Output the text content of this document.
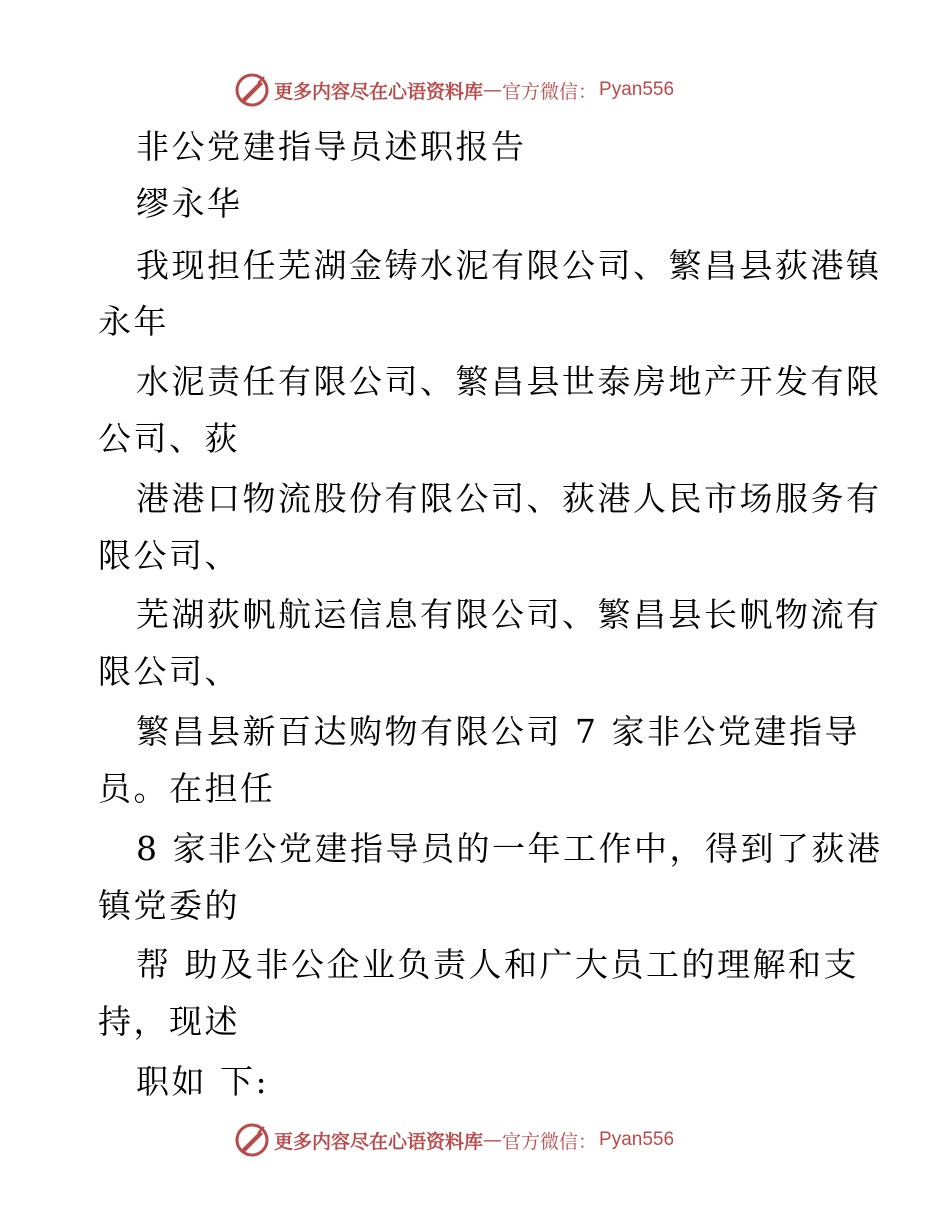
更多内容尽在心语资料库 — 官方微信： Pyan556
非公党建指导员述职报告
缪永华
我现担任芜湖金铸水泥有限公司、繁昌县荻港镇
永年
水泥责任有限公司、繁昌县世泰房地产开发有限
公司、荻
港港口物流股份有限公司、荻港人民市场服务有
限公司、
芜湖荻帆航运信息有限公司、繁昌县长帆物流有
限公司、
繁昌县新百达购物有限公司 7 家非公党建指导
员。在担任
8 家非公党建指导员的一年工作中，得到了荻港
镇党委的
帮 助及非公企业负责人和广大员工的理解和支
持，现述
职如 下:
更多内容尽在心语资料库 — 官方微信： Pyan556
